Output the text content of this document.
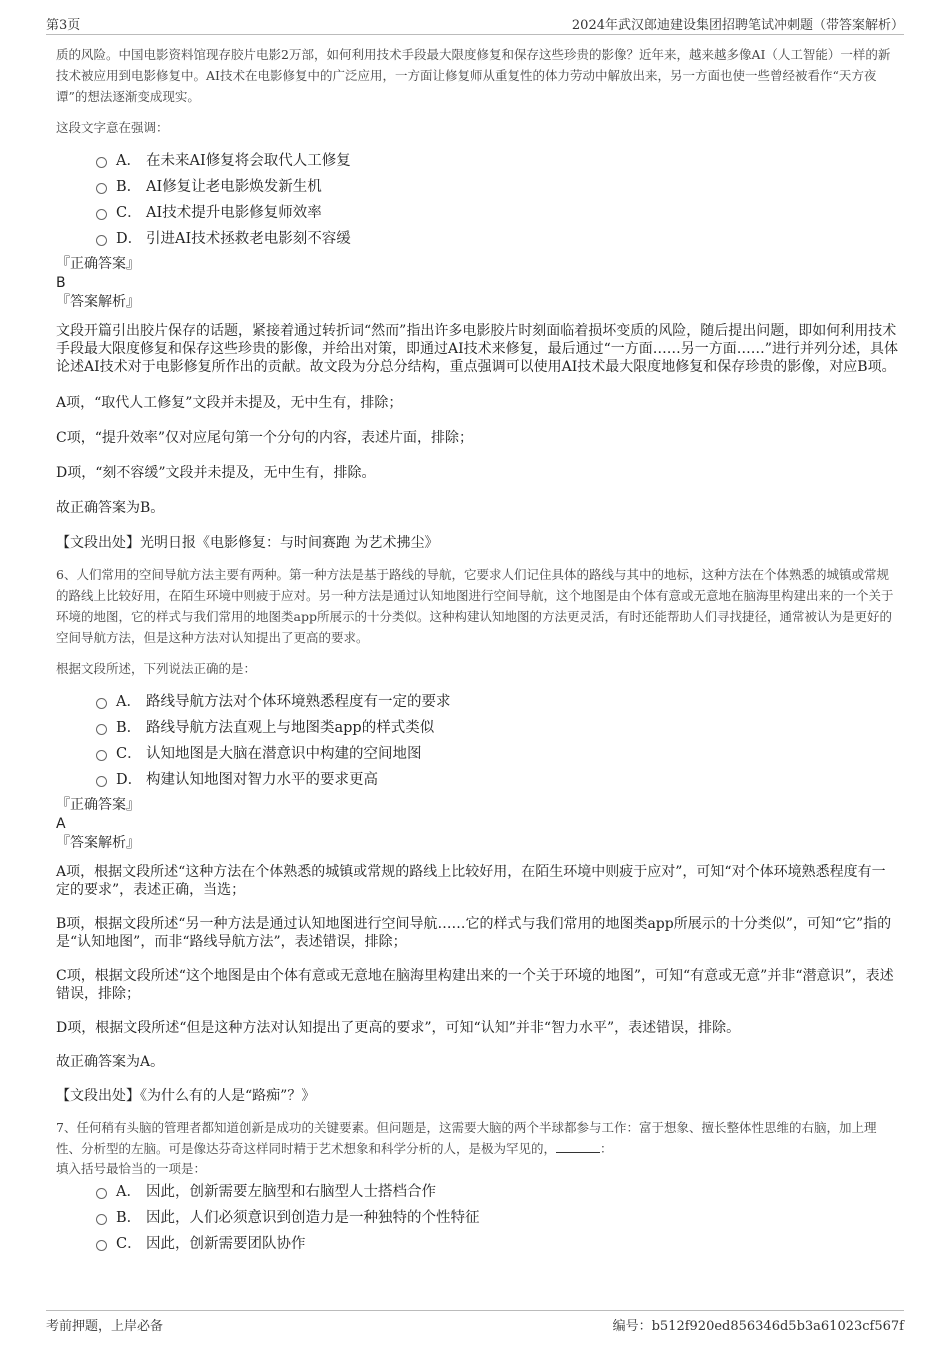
第3页	2024年武汉郎迪建设集团招聘笔试冲刺题（带答案解析）

质的风险。中国电影资料馆现存胶片电影2万部，如何利用技术手段最大限度修复和保存这些珍贵的影像？近年来，越来越多像AI（人工智能）一样的新技术被应用到电影修复中。AI技术在电影修复中的广泛应用，一方面让修复师从重复性的体力劳动中解放出来，另一方面也使一些曾经被看作“天方夜谭”的想法逐渐变成现实。

这段文字意在强调：

A． 在未来AI修复将会取代人工修复
B． AI修复让老电影焕发新生机
C． AI技术提升电影修复师效率
D． 引进AI技术拯救老电影刻不容缓

『正确答案』

B

『答案解析』

文段开篇引出胶片保存的话题，紧接着通过转折词“然而”指出许多电影胶片时刻面临着损坏变质的风险，随后提出问题，即如何利用技术手段最大限度修复和保存这些珍贵的影像，并给出对策，即通过AI技术来修复，最后通过“一方面……另一方面……”进行并列分述，具体论述AI技术对于电影修复所作出的贡献。故文段为分总分结构，重点强调可以使用AI技术最大限度地修复和保存珍贵的影像，对应B项。

A项，“取代人工修复”文段并未提及，无中生有，排除；

C项，“提升效率”仅对应尾句第一个分句的内容，表述片面，排除；

D项，“刻不容缓”文段并未提及，无中生有，排除。

故正确答案为B。

【文段出处】光明日报《电影修复：与时间赛跑 为艺术拂尘》

6、人们常用的空间导航方法主要有两种。第一种方法是基于路线的导航，它要求人们记住具体的路线与其中的地标，这种方法在个体熟悉的城镇或常规的路线上比较好用，在陌生环境中则疲于应对。另一种方法是通过认知地图进行空间导航，这个地图是由个体有意或无意地在脑海里构建出来的一个关于环境的地图，它的样式与我们常用的地图类app所展示的十分类似。这种构建认知地图的方法更灵活，有时还能帮助人们寻找捷径，通常被认为是更好的空间导航方法，但是这种方法对认知提出了更高的要求。

根据文段所述，下列说法正确的是：

A． 路线导航方法对个体环境熟悉程度有一定的要求
B． 路线导航方法直观上与地图类app的样式类似
C． 认知地图是大脑在潜意识中构建的空间地图
D． 构建认知地图对智力水平的要求更高

『正确答案』

A

『答案解析』

A项，根据文段所述“这种方法在个体熟悉的城镇或常规的路线上比较好用，在陌生环境中则疲于应对”，可知“对个体环境熟悉程度有一定的要求”，表述正确，当选；

B项，根据文段所述“另一种方法是通过认知地图进行空间导航……它的样式与我们常用的地图类app所展示的十分类似”，可知“它”指的是“认知地图”，而非“路线导航方法”，表述错误，排除；

C项，根据文段所述“这个地图是由个体有意或无意地在脑海里构建出来的一个关于环境的地图”，可知“有意或无意”并非“潜意识”，表述错误，排除；

D项，根据文段所述“但是这种方法对认知提出了更高的要求”，可知“认知”并非“智力水平”，表述错误，排除。

故正确答案为A。

【文段出处】《为什么有的人是“路痴”？》

7、任何稍有头脑的管理者都知道创新是成功的关键要素。但问题是，这需要大脑的两个半球都参与工作：富于想象、擅长整体性思维的右脑，加上理性、分析型的左脑。可是像达芬奇这样同时精于艺术想象和科学分析的人，是极为罕见的，	：

填入括号最恰当的一项是：

A． 因此，创新需要左脑型和右脑型人士搭档合作
B． 因此，人们必须意识到创造力是一种独特的个性特征
C． 因此，创新需要团队协作
考前押题，上岸必备	编号：b512f920ed856346d5b3a61023cf567f
